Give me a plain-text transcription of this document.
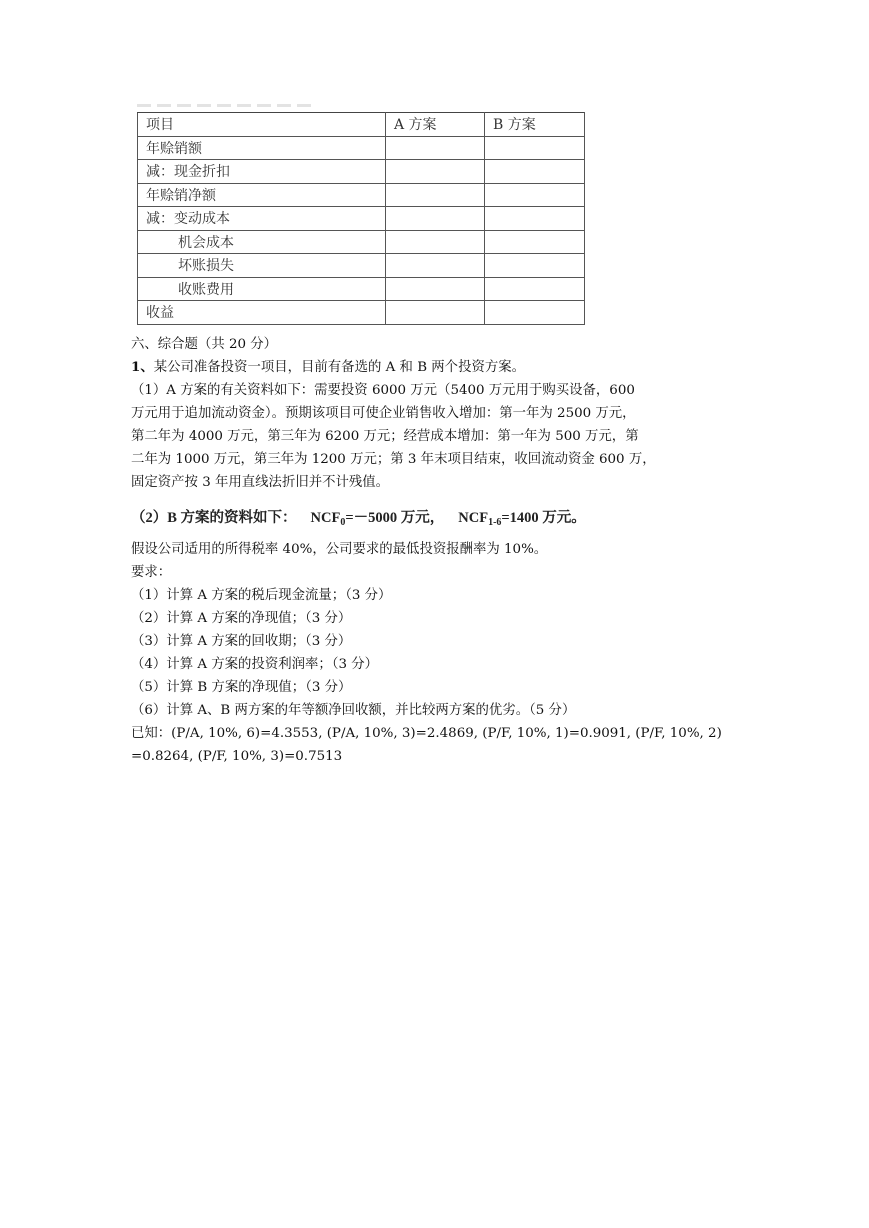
项目	A 方案	B 方案
年赊销额		
减：现金折扣		
年赊销净额		
减：变动成本		
机会成本		
坏账损失		
收账费用		
收益		
六、综合题（共 20 分）
1、某公司准备投资一项目，目前有备选的 A 和 B 两个投资方案。
（1）A 方案的有关资料如下：需要投资 6000 万元（5400 万元用于购买设备，600
万元用于追加流动资金）。预期该项目可使企业销售收入增加：第一年为 2500 万元，
第二年为 4000 万元，第三年为 6200 万元；经营成本增加：第一年为 500 万元，第
二年为 1000 万元，第三年为 1200 万元；第 3 年末项目结束，收回流动资金 600 万，
固定资产按 3 年用直线法折旧并不计残值。
（2）B 方案的资料如下： $NCF_0=-5000$ 万元， $NCF_{1-6}=1400$ 万元。
假设公司适用的所得税率 40%，公司要求的最低投资报酬率为 10%。
要求：
（1）计算 A 方案的税后现金流量；（3 分）
（2）计算 A 方案的净现值；（3 分）
（3）计算 A 方案的回收期；（3 分）
（4）计算 A 方案的投资利润率；（3 分）
（5）计算 B 方案的净现值；（3 分）
（6）计算 A、B 两方案的年等额净回收额，并比较两方案的优劣。（5 分）
已知：(P/A, 10%, 6)=4.3553, (P/A, 10%, 3)=2.4869, (P/F, 10%, 1)=0.9091, (P/F, 10%, 2)
=0.8264, (P/F, 10%, 3)=0.7513
